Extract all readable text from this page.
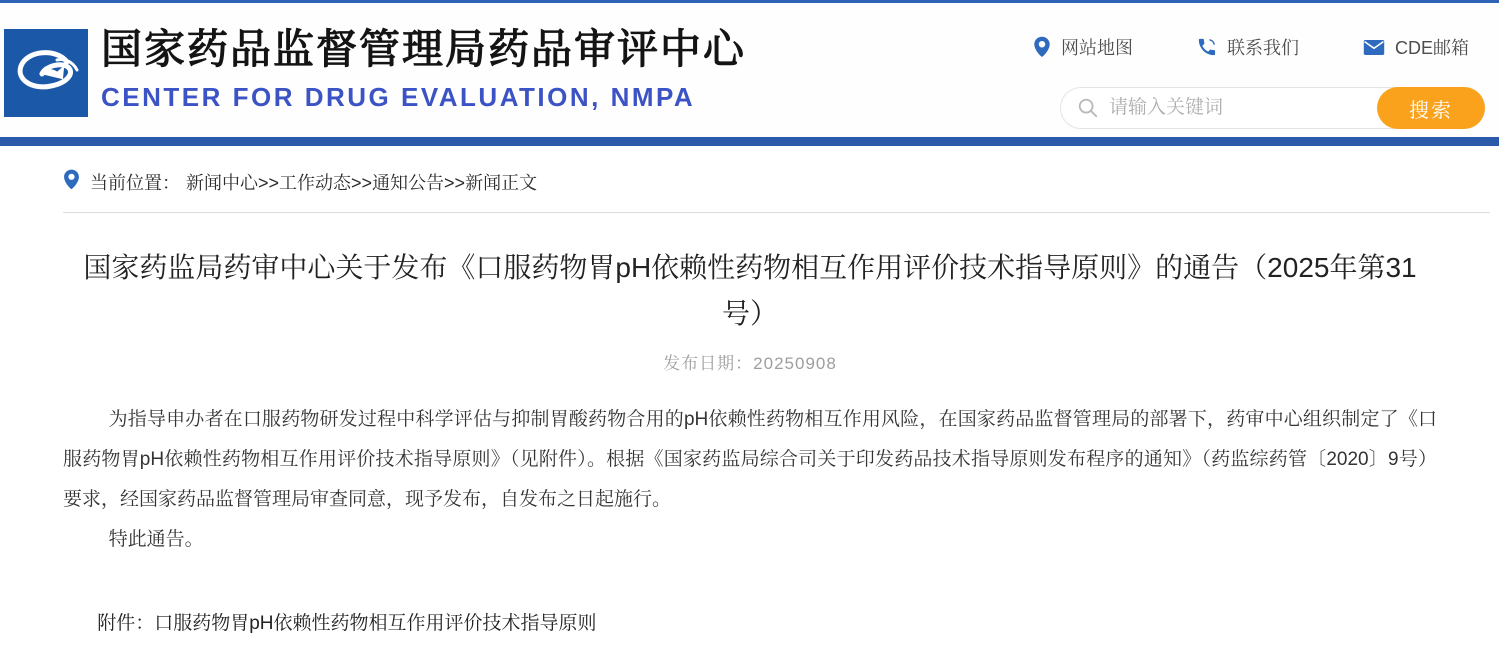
国家药品监督管理局药品审评中心
CENTER FOR DRUG EVALUATION, NMPA
网站地图	联系我们	CDE邮箱
请输入关键词
搜索
当前位置： 新闻中心>>工作动态>>通知公告>>新闻正文
国家药监局药审中心关于发布《口服药物胃pH依赖性药物相互作用评价技术指导原则》的通告（2025年第31号）
发布日期：20250908

为指导申办者在口服药物研发过程中科学评估与抑制胃酸药物合用的pH依赖性药物相互作用风险，在国家药品监督管理局的部署下，药审中心组织制定了《口服药物胃pH依赖性药物相互作用评价技术指导原则》（见附件）。根据《国家药监局综合司关于印发药品技术指导原则发布程序的通知》（药监综药管〔2020〕9号）要求，经国家药品监督管理局审查同意，现予发布，自发布之日起施行。

特此通告。

附件：口服药物胃pH依赖性药物相互作用评价技术指导原则
